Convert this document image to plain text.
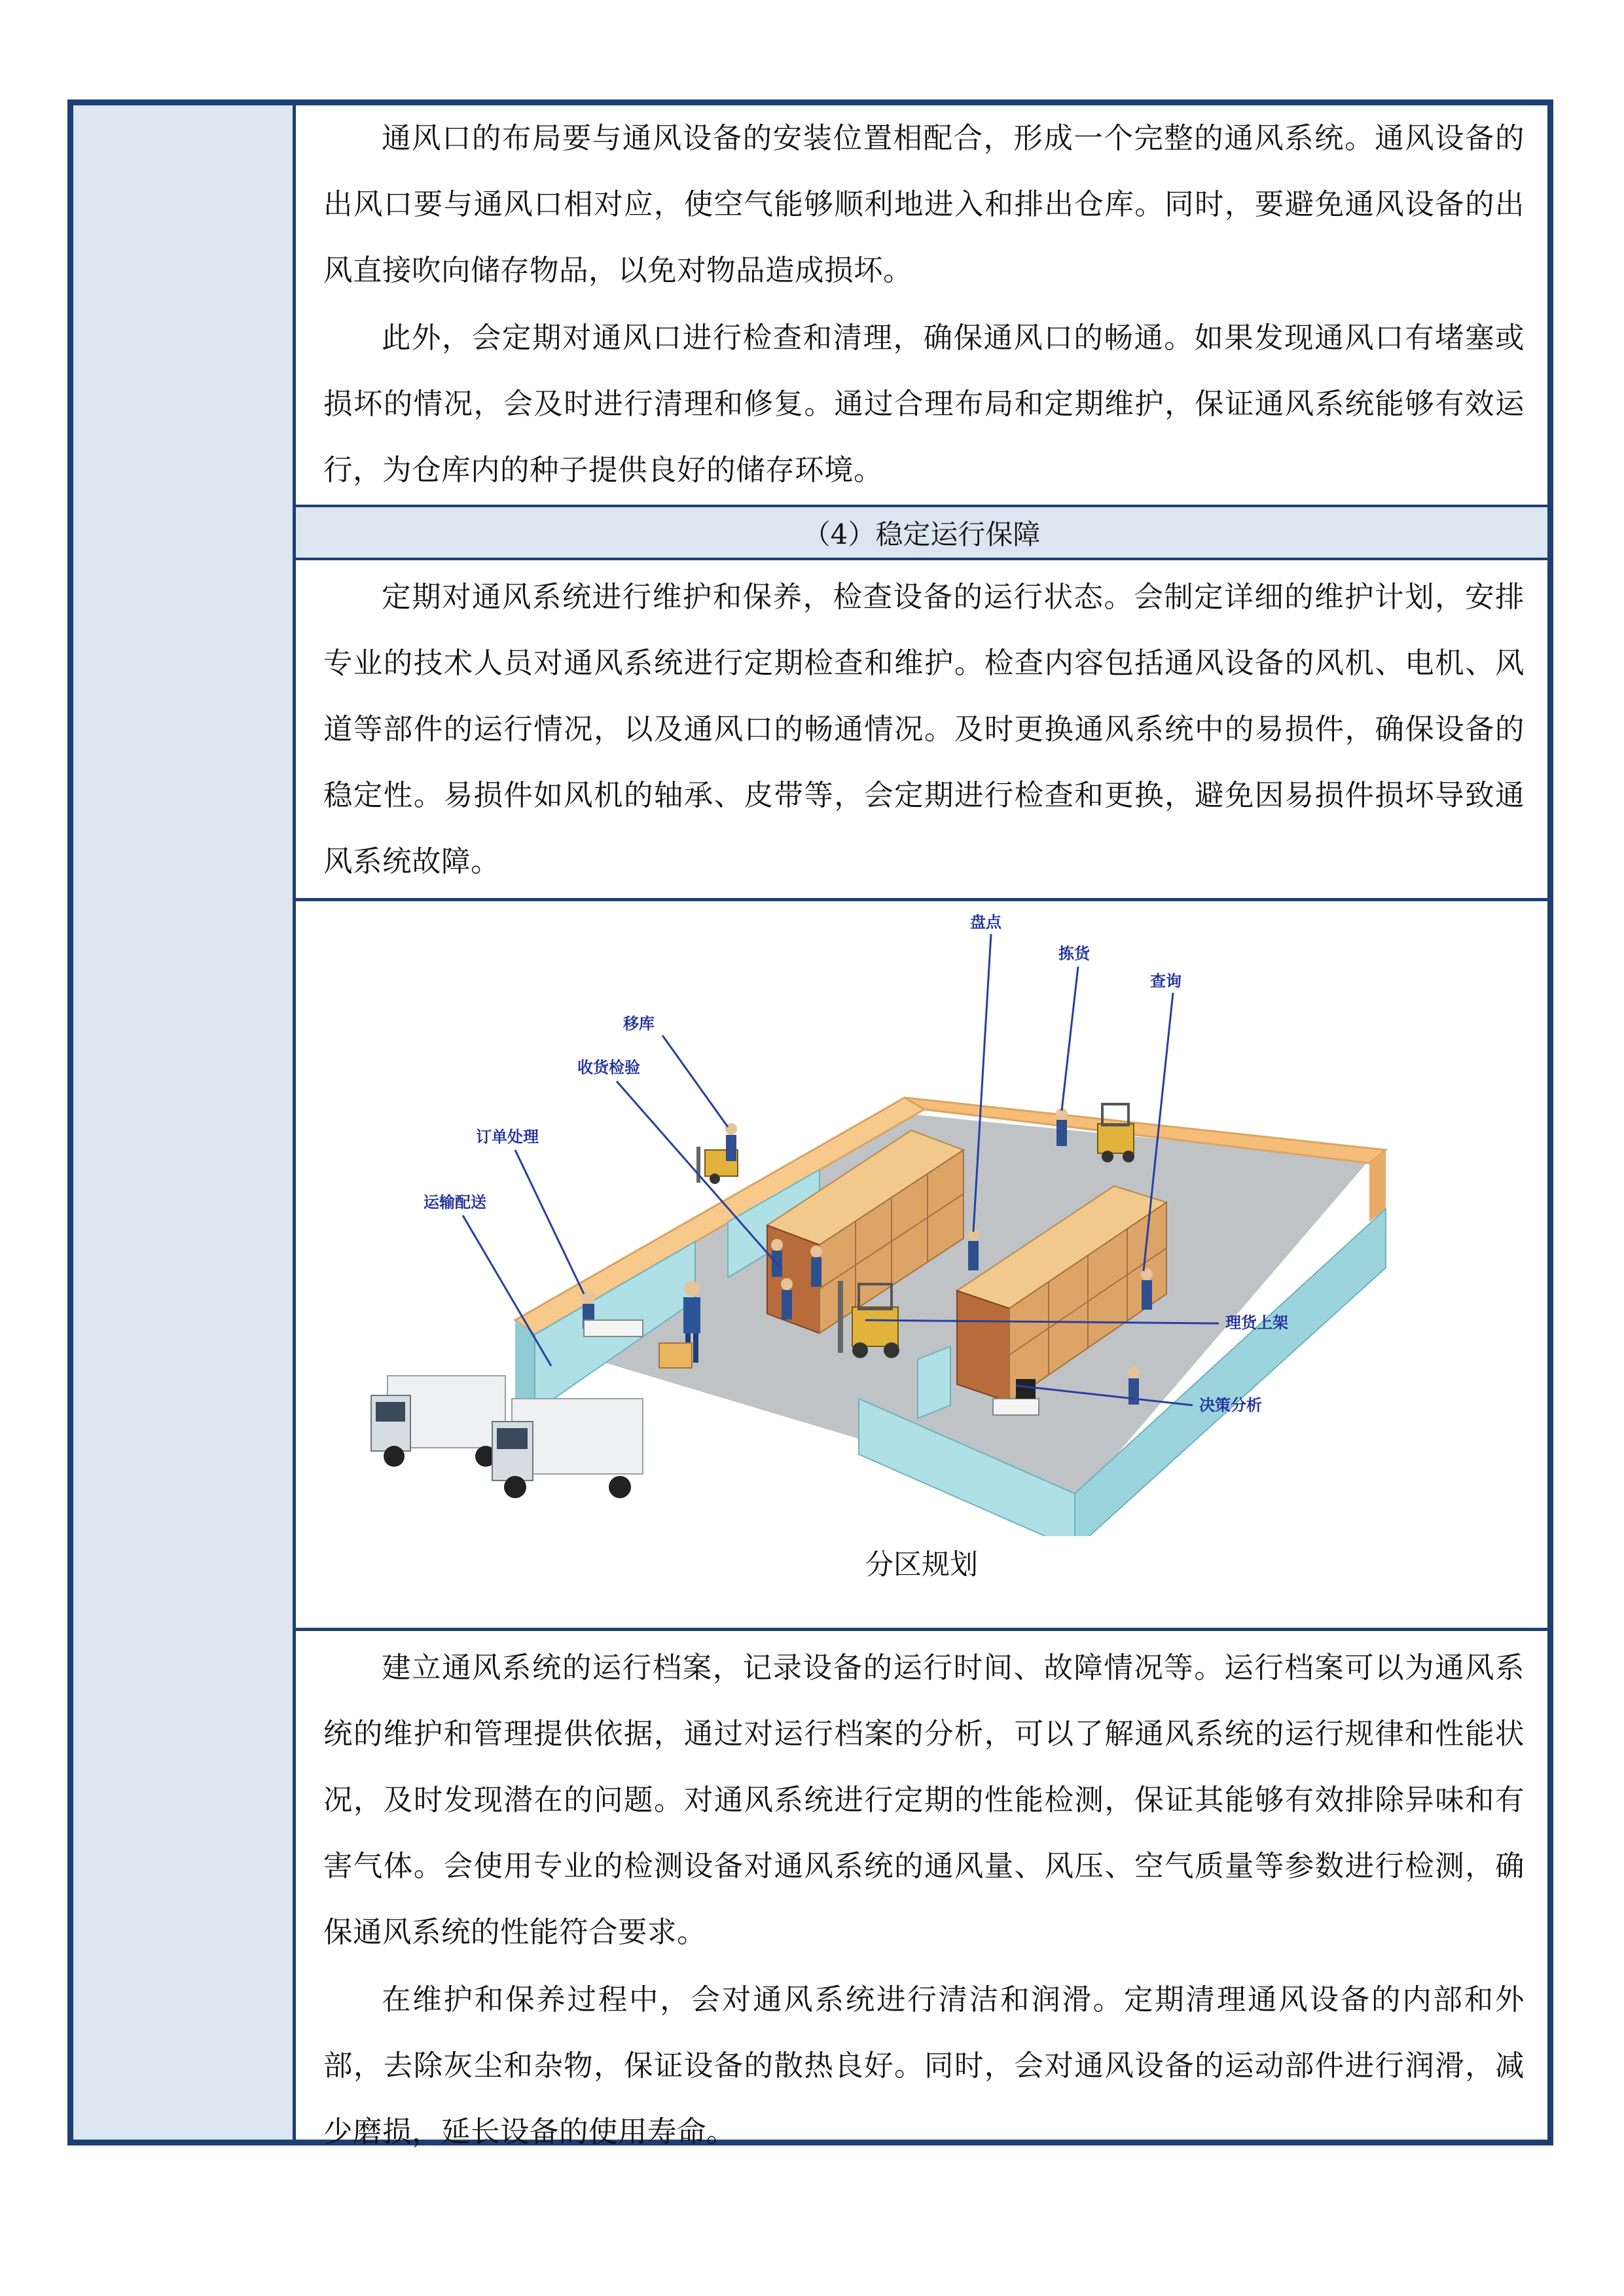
通风口的布局要与通风设备的安装位置相配合，形成一个完整的通风系统。通风设备的出风口要与通风口相对应，使空气能够顺利地进入和排出仓库。同时，要避免通风设备的出风直接吹向储存物品，以免对物品造成损坏。

此外，会定期对通风口进行检查和清理，确保通风口的畅通。如果发现通风口有堵塞或损坏的情况，会及时进行清理和修复。通过合理布局和定期维护，保证通风系统能够有效运行，为仓库内的种子提供良好的储存环境。

（4）稳定运行保障

定期对通风系统进行维护和保养，检查设备的运行状态。会制定详细的维护计划，安排专业的技术人员对通风系统进行定期检查和维护。检查内容包括通风设备的风机、电机、风道等部件的运行情况，以及通风口的畅通情况。及时更换通风系统中的易损件，确保设备的稳定性。易损件如风机的轴承、皮带等，会定期进行检查和更换，避免因易损件损坏导致通风系统故障。

移库
盘点
拣货
查询
收货检验
订单处理
运输配送
理货上架
决策分析
分区规划

建立通风系统的运行档案，记录设备的运行时间、故障情况等。运行档案可以为通风系统的维护和管理提供依据，通过对运行档案的分析，可以了解通风系统的运行规律和性能状况，及时发现潜在的问题。对通风系统进行定期的性能检测，保证其能够有效排除异味和有害气体。会使用专业的检测设备对通风系统的通风量、风压、空气质量等参数进行检测，确保通风系统的性能符合要求。

在维护和保养过程中，会对通风系统进行清洁和润滑。定期清理通风设备的内部和外部，去除灰尘和杂物，保证设备的散热良好。同时，会对通风设备的运动部件进行润滑，减少磨损，延长设备的使用寿命。
